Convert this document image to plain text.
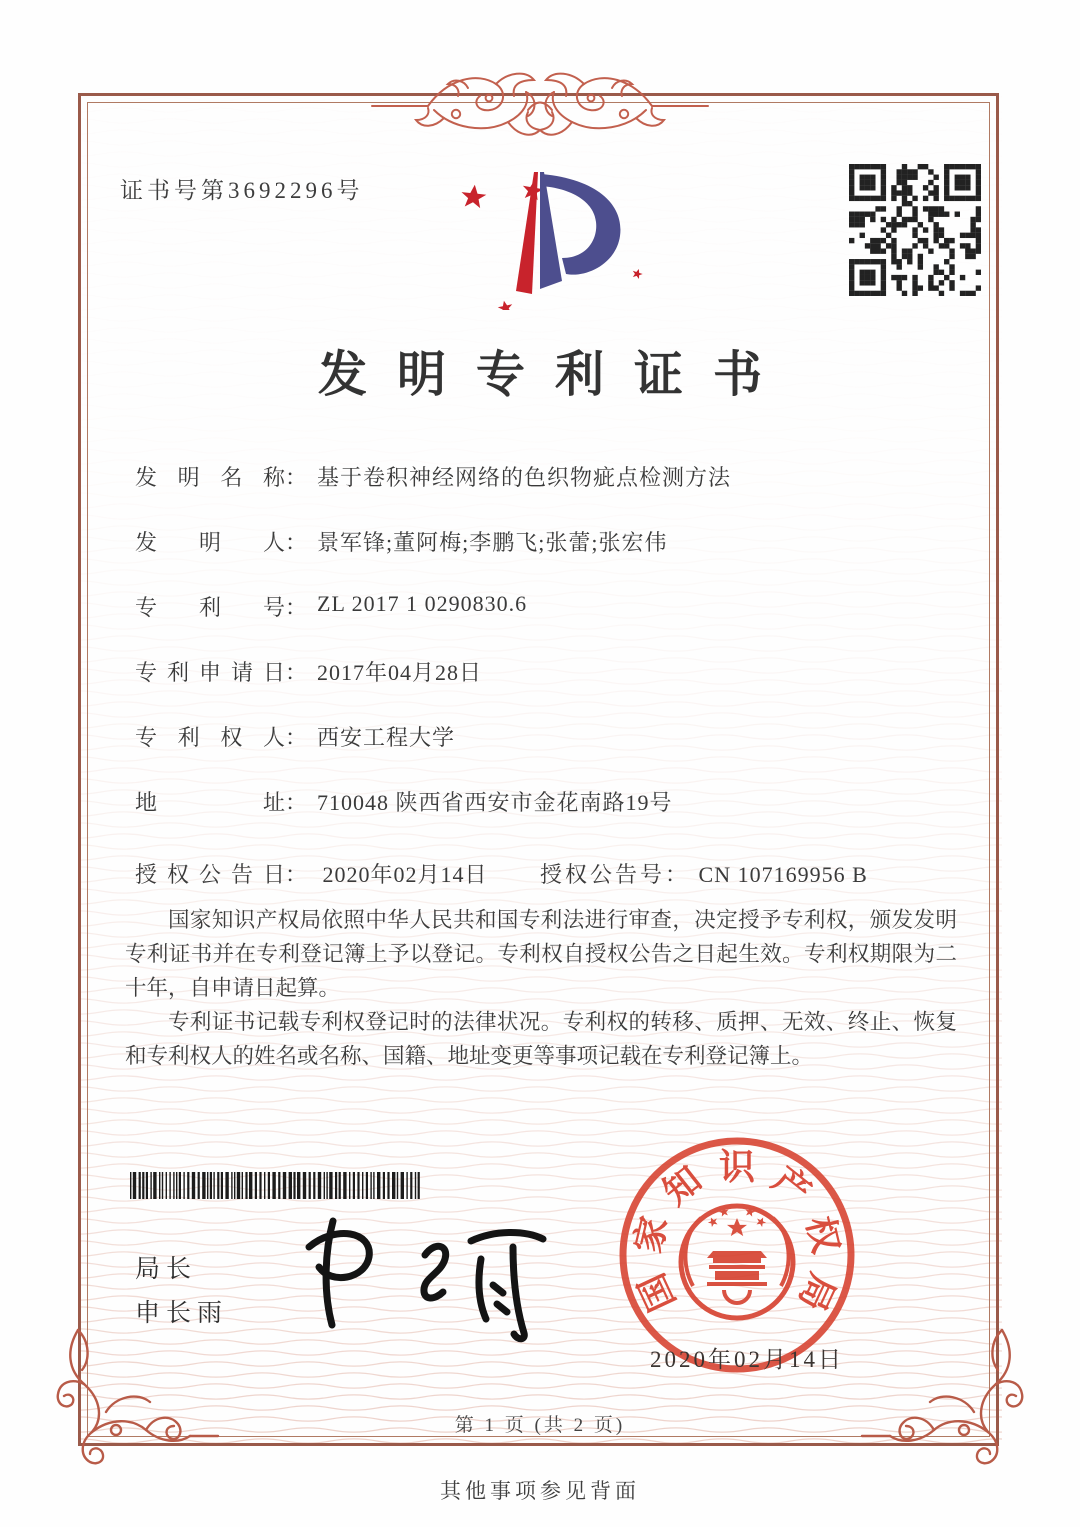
证书号第3692296号
发明专利证书
发明名称 ： 基于卷积神经网络的色织物疵点检测方法
发明人 ： 景军锋;董阿梅;李鹏飞;张蕾;张宏伟
专利号 ： ZL 2017 1 0290830.6
专利申请日 ： 2017年04月28日
专利权人 ： 西安工程大学
地址 ： 710048 陕西省西安市金花南路19号
授权公告日： 2020年02月14日 授权公告号： CN 107169956 B

国家知识产权局依照中华人民共和国专利法进行审查，决定授予专利权，颁发发明专利证书并在专利登记簿上予以登记。专利权自授权公告之日起生效。专利权期限为二十年，自申请日起算。

专利证书记载专利权登记时的法律状况。专利权的转移、质押、无效、终止、恢复和专利权人的姓名或名称、国籍、地址变更等事项记载在专利登记簿上。

局长
申长雨	国
家
知 识 产
权
局
2020年02月14日
第 1 页 (共 2 页)
其他事项参见背面
